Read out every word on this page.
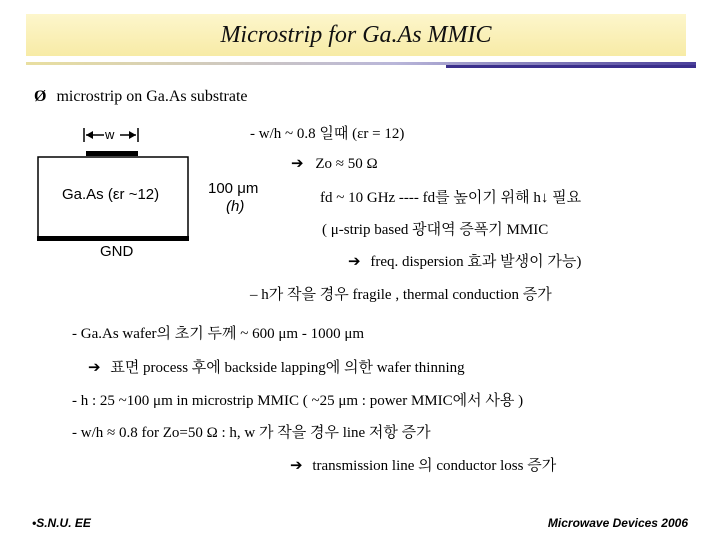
Microstrip for Ga.As MMIC
Ø microstrip on Ga.As substrate
w
Ga.As (εr ~12)	100 μm
(h)
GND
- w/h ~ 0.8 일때 (εr = 12)
➔ Zo ≈ 50 Ω
fd ~ 10 GHz ---- fd를 높이기 위해 h↓ 필요
( μ-strip based 광대역 증폭기 MMIC
➔ freq. dispersion 효과 발생이 가능)
– h가 작을 경우 fragile , thermal conduction 증가
- Ga.As wafer의 초기 두께 ~ 600 μm - 1000 μm
➔ 표면 process 후에 backside lapping에 의한 wafer thinning
- h : 25 ~100 μm in microstrip MMIC ( ~25 μm : power MMIC에서 사용 )
- w/h ≈ 0.8 for Zo=50 Ω : h, w 가 작을 경우 line 저항 증가
➔ transmission line 의 conductor loss 증가
•S.N.U. EE	Microwave Devices 2006
